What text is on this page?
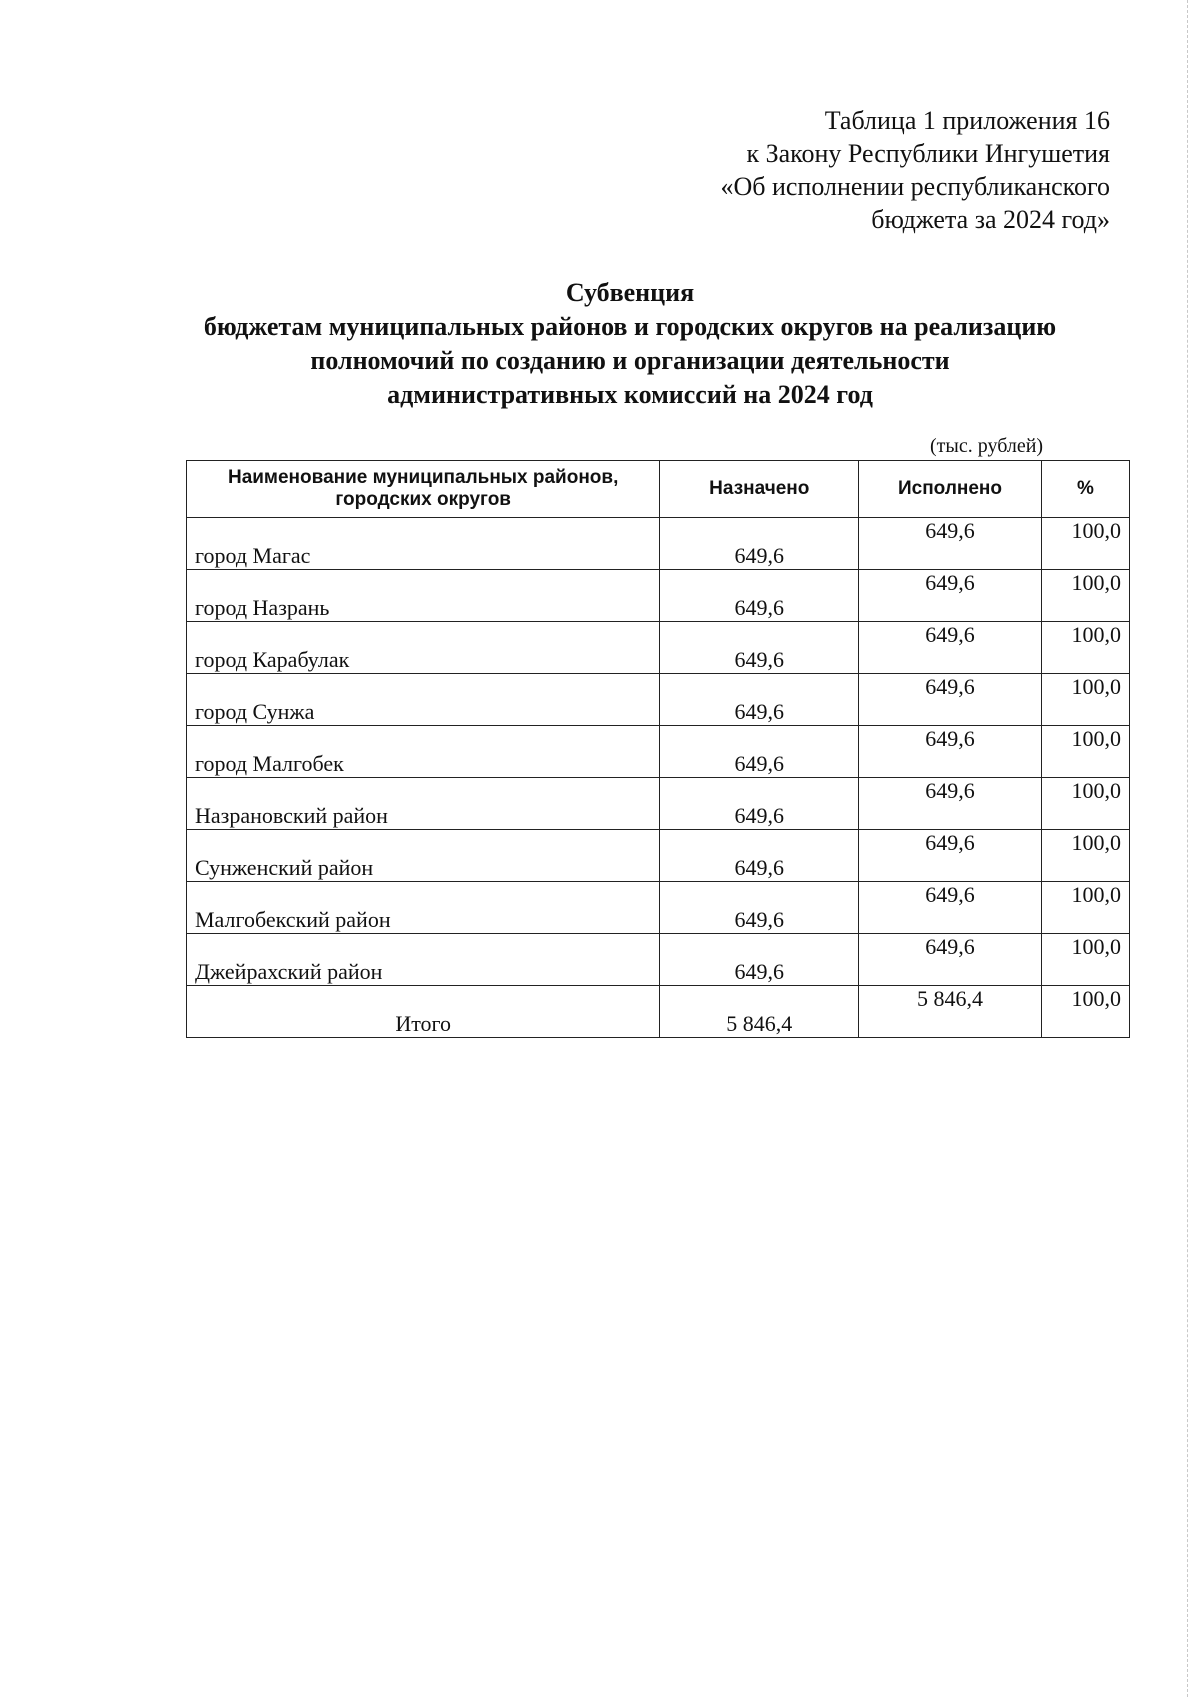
Таблица 1 приложения 16
к Закону Республики Ингушетия
«Об исполнении республиканского
бюджета за 2024 год»
Субвенция
бюджетам муниципальных районов и городских округов на реализацию
полномочий по созданию и организации деятельности
административных комиссий на 2024 год
(тыс. рублей)
Наименование муниципальных районов, городских округов	Назначено	Исполнено	%
город Магас	649,6	649,6	100,0
город Назрань	649,6	649,6	100,0
город Карабулак	649,6	649,6	100,0
город Сунжа	649,6	649,6	100,0
город Малгобек	649,6	649,6	100,0
Назрановский район	649,6	649,6	100,0
Сунженский район	649,6	649,6	100,0
Малгобекский район	649,6	649,6	100,0
Джейрахский район	649,6	649,6	100,0
Итого	5 846,4	5 846,4	100,0
